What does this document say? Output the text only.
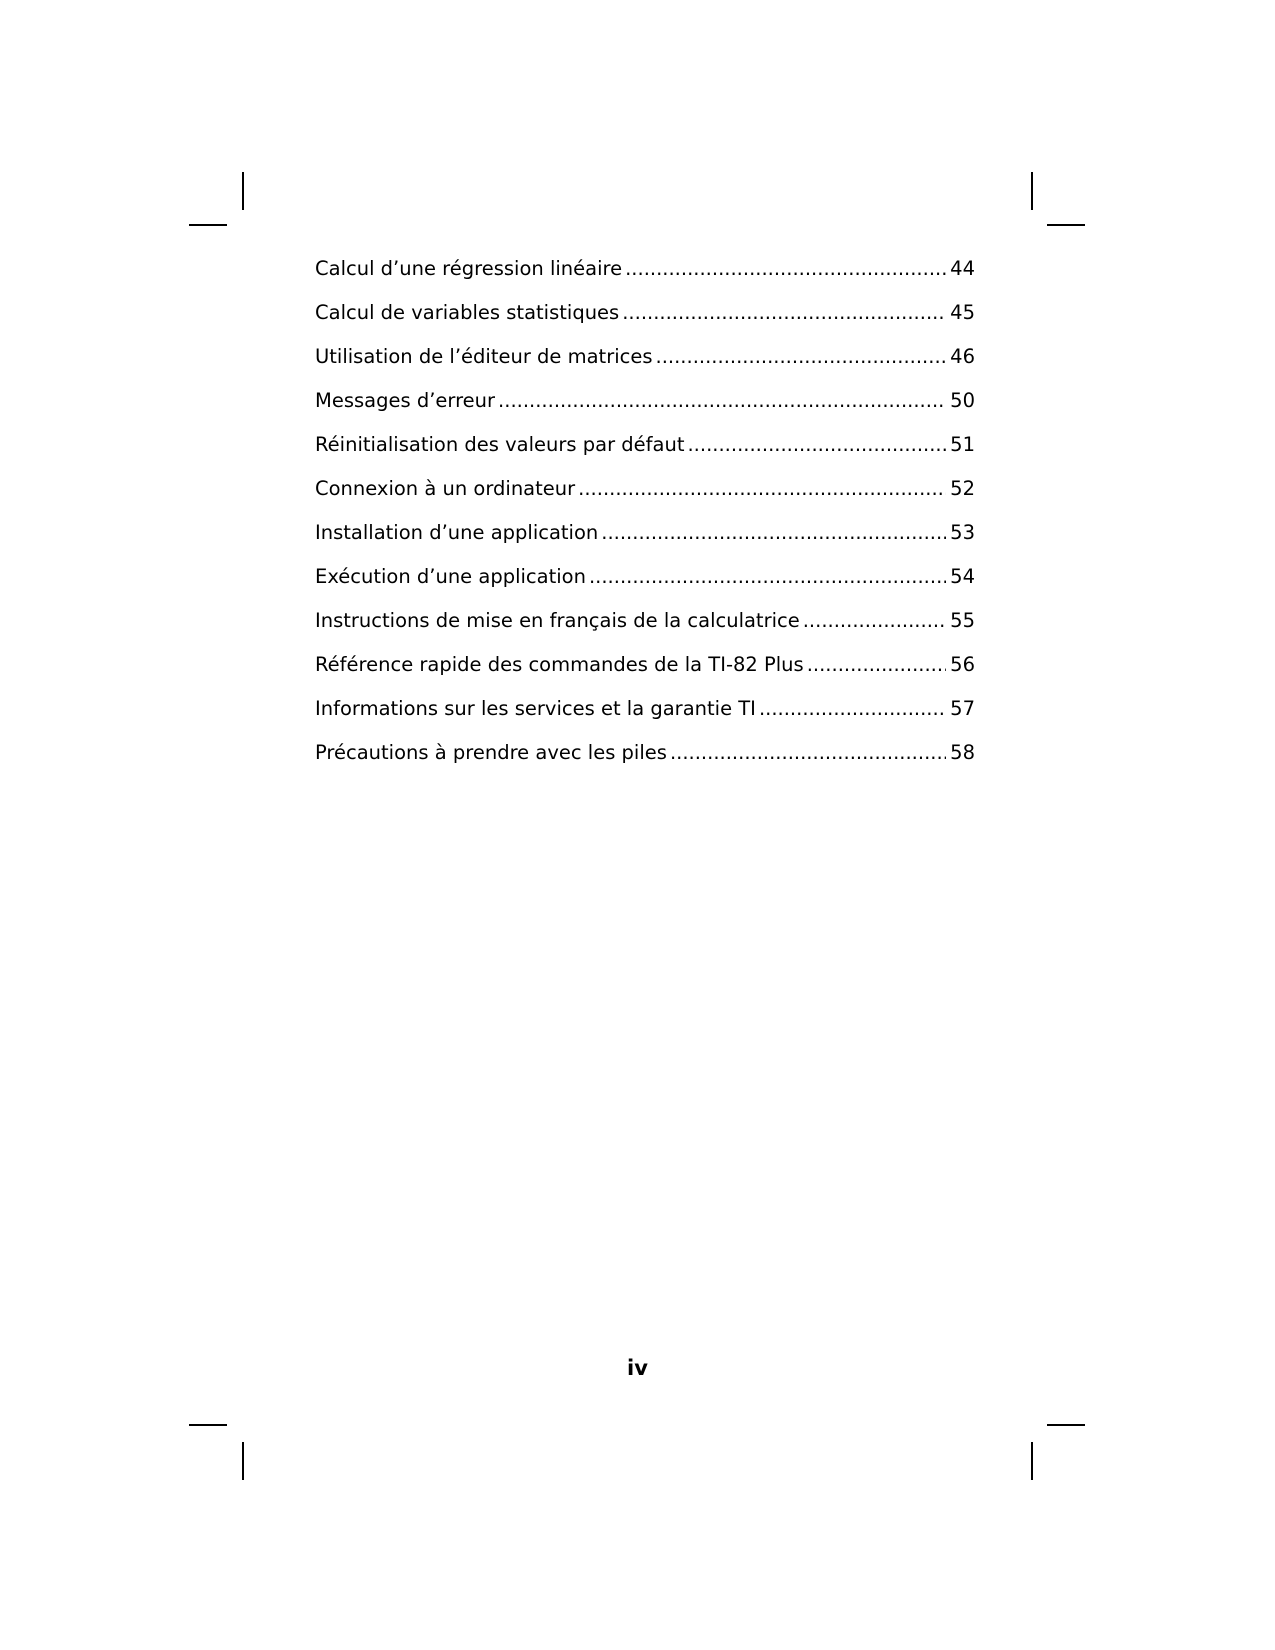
Calcul d’une régression linéaire .....	44
Calcul de variables statistiques .....	45
Utilisation de l’éditeur de matrices .....	46
Messages d’erreur .....	50
Réinitialisation des valeurs par défaut .....	51
Connexion à un ordinateur .....	52
Installation d’une application .....	53
Exécution d’une application .....	54
Instructions de mise en français de la calculatrice .....	55
Référence rapide des commandes de la TI-82 Plus .....	56
Informations sur les services et la garantie TI .....	57
Précautions à prendre avec les piles .....	58
iv
